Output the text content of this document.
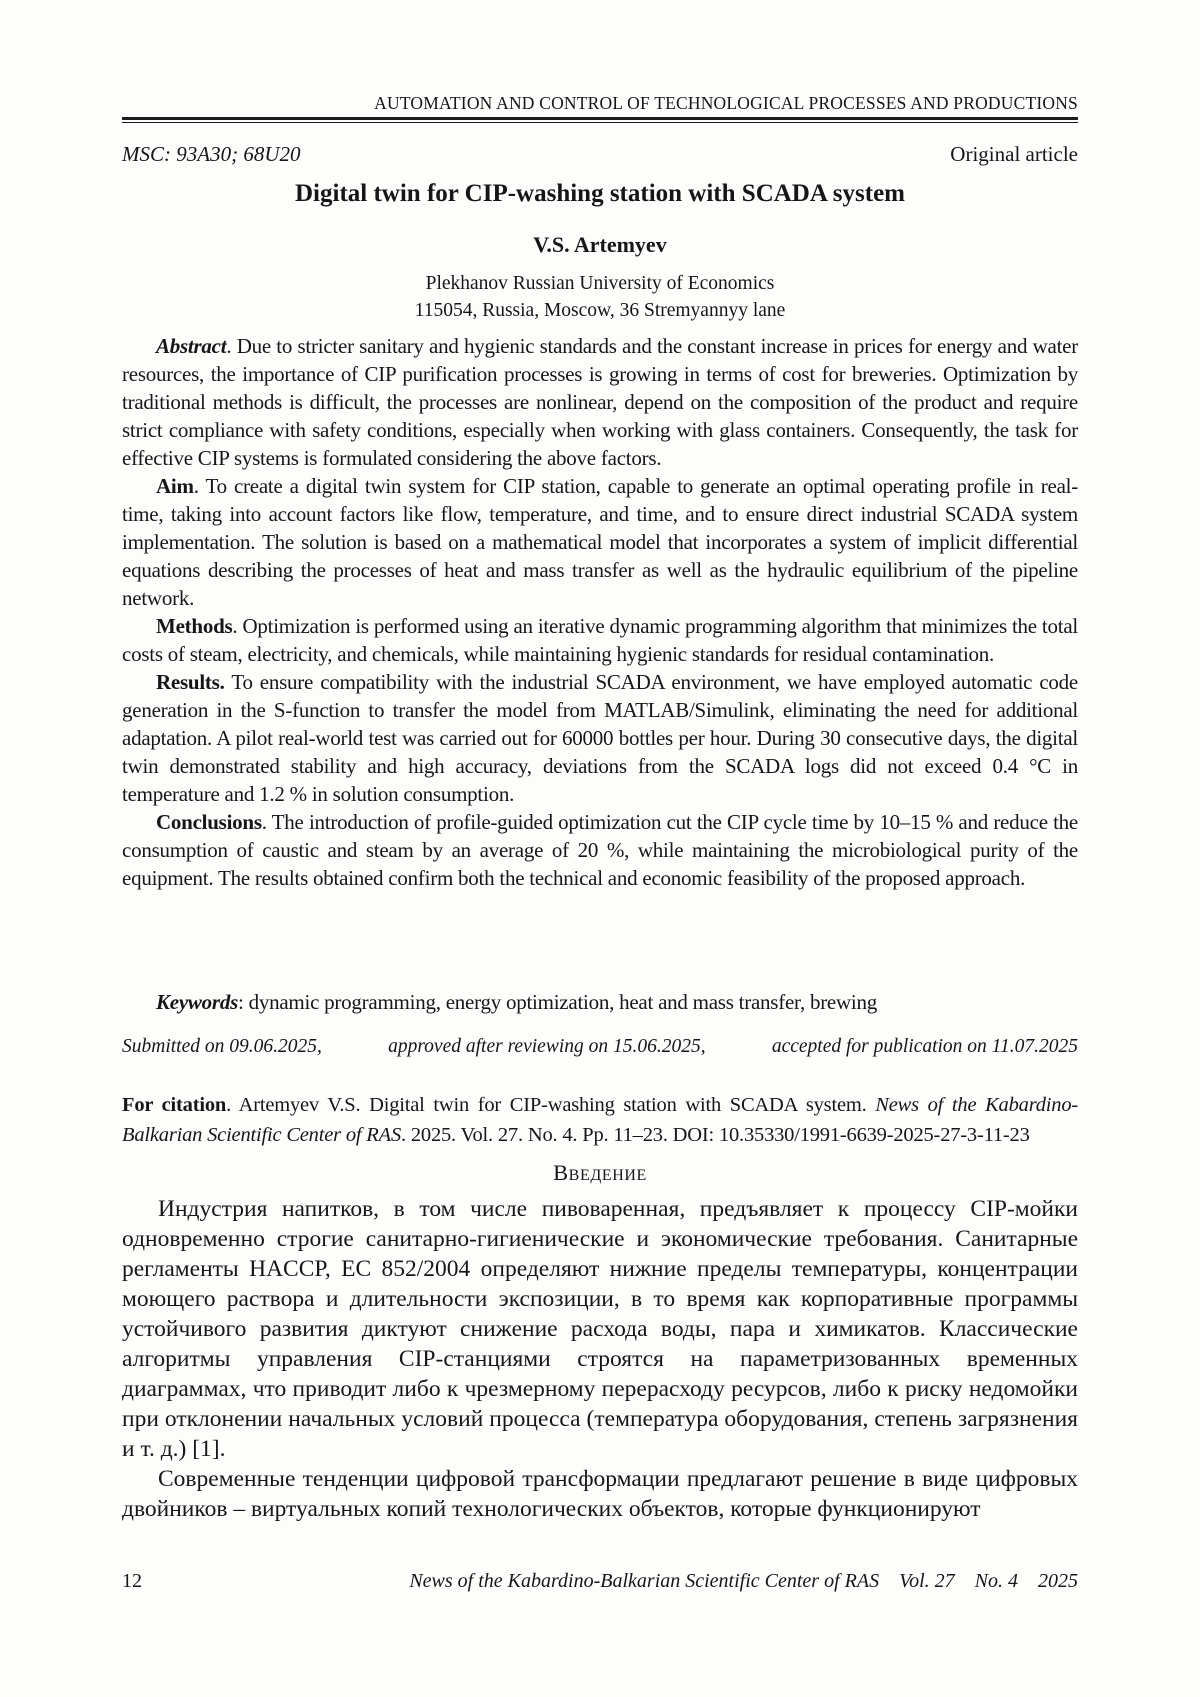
AUTOMATION AND CONTROL OF TECHNOLOGICAL PROCESSES AND PRODUCTIONS
MSC: 93A30; 68U20	Original article
Digital twin for CIP-washing station with SCADA system
V.S. Artemyev
Plekhanov Russian University of Economics
115054, Russia, Moscow, 36 Stremyannyy lane

Abstract. Due to stricter sanitary and hygienic standards and the constant increase in prices for energy and water resources, the importance of CIP purification processes is growing in terms of cost for breweries. Optimization by traditional methods is difficult, the processes are nonlinear, depend on the composition of the product and require strict compliance with safety conditions, especially when working with glass containers. Consequently, the task for effective CIP systems is formulated considering the above factors.

Aim. To create a digital twin system for CIP station, capable to generate an optimal operating profile in real-time, taking into account factors like flow, temperature, and time, and to ensure direct industrial SCADA system implementation. The solution is based on a mathematical model that incorporates a system of implicit differential equations describing the processes of heat and mass transfer as well as the hydraulic equilibrium of the pipeline network.

Methods. Optimization is performed using an iterative dynamic programming algorithm that minimizes the total costs of steam, electricity, and chemicals, while maintaining hygienic standards for residual contamination.

Results. To ensure compatibility with the industrial SCADA environment, we have employed automatic code generation in the S-function to transfer the model from MATLAB/Simulink, eliminating the need for additional adaptation. A pilot real-world test was carried out for 60000 bottles per hour. During 30 consecutive days, the digital twin demonstrated stability and high accuracy, deviations from the SCADA logs did not exceed 0.4 °C in temperature and 1.2 % in solution consumption.

Conclusions. The introduction of profile-guided optimization cut the CIP cycle time by 10–15 % and reduce the consumption of caustic and steam by an average of 20 %, while maintaining the microbiological purity of the equipment. The results obtained confirm both the technical and economic feasibility of the proposed approach.

Keywords: dynamic programming, energy optimization, heat and mass transfer, brewing

Submitted on 09.06.2025,	approved after reviewing on 15.06.2025,	accepted for publication on 11.07.2025

For citation. Artemyev V.S. Digital twin for CIP-washing station with SCADA system. News of the Kabardino-Balkarian Scientific Center of RAS. 2025. Vol. 27. No. 4. Pp. 11–23. DOI: 10.35330/1991-6639-2025-27-3-11-23

Введение

Индустрия напитков, в том числе пивоваренная, предъявляет к процессу CIP-мойки одновременно строгие санитарно-гигиенические и экономические требования. Санитарные регламенты HACCP, ЕС 852/2004 определяют нижние пределы температуры, концентрации моющего раствора и длительности экспозиции, в то время как корпоративные программы устойчивого развития диктуют снижение расхода воды, пара и химикатов. Классические алгоритмы управления CIP-станциями строятся на параметризованных временных диаграммах, что приводит либо к чрезмерному перерасходу ресурсов, либо к риску недомойки при отклонении начальных условий процесса (температура оборудования, степень загрязнения и т. д.) [1].

Современные тенденции цифровой трансформации предлагают решение в виде цифровых двойников – виртуальных копий технологических объектов, которые функционируют

12	News of the Kabardino-Balkarian Scientific Center of RAS Vol. 27 No. 4 2025
